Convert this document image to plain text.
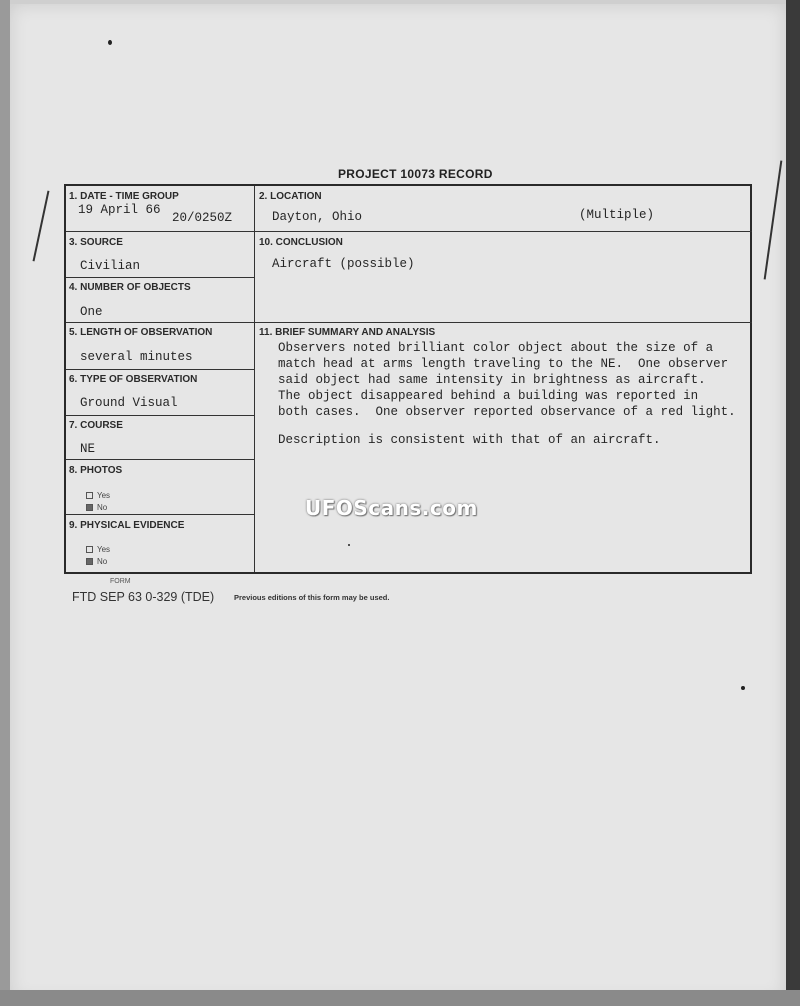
PROJECT 10073 RECORD
1. DATE - TIME GROUP
19 April 66
20/0250Z
2. LOCATION
Dayton, Ohio	(Multiple)
3. SOURCE
Civilian
10. CONCLUSION
Aircraft (possible)
4. NUMBER OF OBJECTS
One
5. LENGTH OF OBSERVATION
several minutes
11. BRIEF SUMMARY AND ANALYSIS
6. TYPE OF OBSERVATION
Ground Visual
7. COURSE
NE
8. PHOTOS
Yes
No
9. PHYSICAL EVIDENCE
Yes
No

Observers noted brilliant color object about the size of a

match head at arms length traveling to the NE.  One observer

said object had same intensity in brightness as aircraft.

The object disappeared behind a building was reported in

both cases.  One observer reported observance of a red light.

Description is consistent with that of an aircraft.

UFOScans.com
FORM
FTD SEP 63 0-329 (TDE)	Previous editions of this form may be used.
